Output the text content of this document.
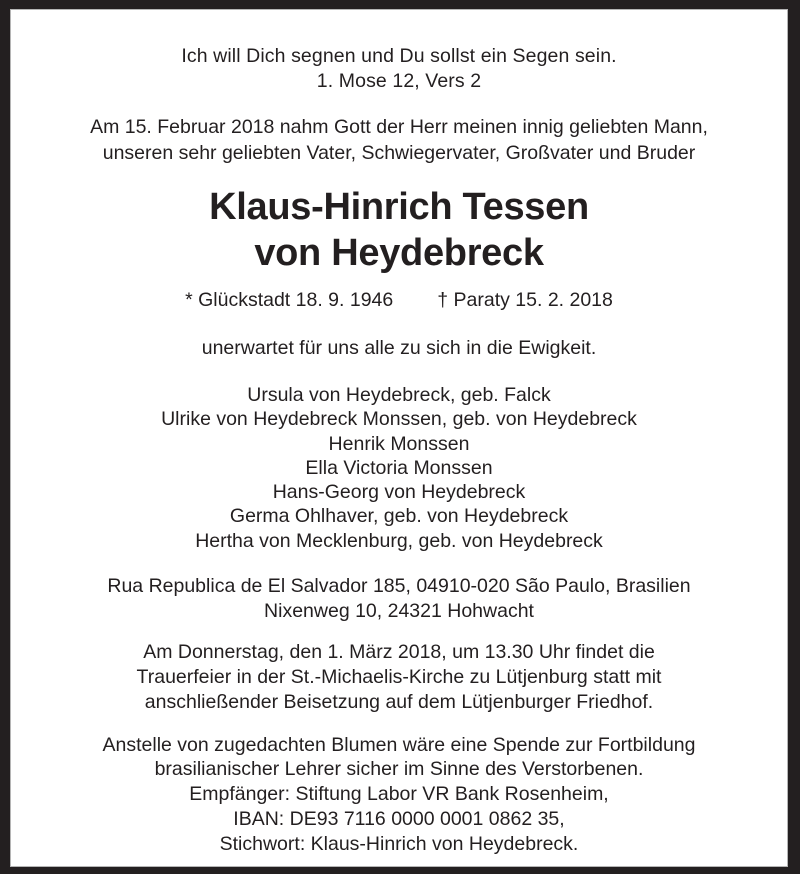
Ich will Dich segnen und Du sollst ein Segen sein.
1. Mose 12, Vers 2
Am 15. Februar 2018 nahm Gott der Herr meinen innig geliebten Mann,
unseren sehr geliebten Vater, Schwiegervater, Großvater und Bruder
Klaus-Hinrich Tessen
von Heydebreck
* Glückstadt 18. 9. 1946 † Paraty 15. 2. 2018
unerwartet für uns alle zu sich in die Ewigkeit.
Ursula von Heydebreck, geb. Falck
Ulrike von Heydebreck Monssen, geb. von Heydebreck
Henrik Monssen
Ella Victoria Monssen
Hans-Georg von Heydebreck
Germa Ohlhaver, geb. von Heydebreck
Hertha von Mecklenburg, geb. von Heydebreck
Rua Republica de El Salvador 185, 04910-020 São Paulo, Brasilien
Nixenweg 10, 24321 Hohwacht
Am Donnerstag, den 1. März 2018, um 13.30 Uhr findet die
Trauerfeier in der St.-Michaelis-Kirche zu Lütjenburg statt mit
anschließender Beisetzung auf dem Lütjenburger Friedhof.
Anstelle von zugedachten Blumen wäre eine Spende zur Fortbildung
brasilianischer Lehrer sicher im Sinne des Verstorbenen.
Empfänger: Stiftung Labor VR Bank Rosenheim,
IBAN: DE93 7116 0000 0001 0862 35,
Stichwort: Klaus-Hinrich von Heydebreck.
